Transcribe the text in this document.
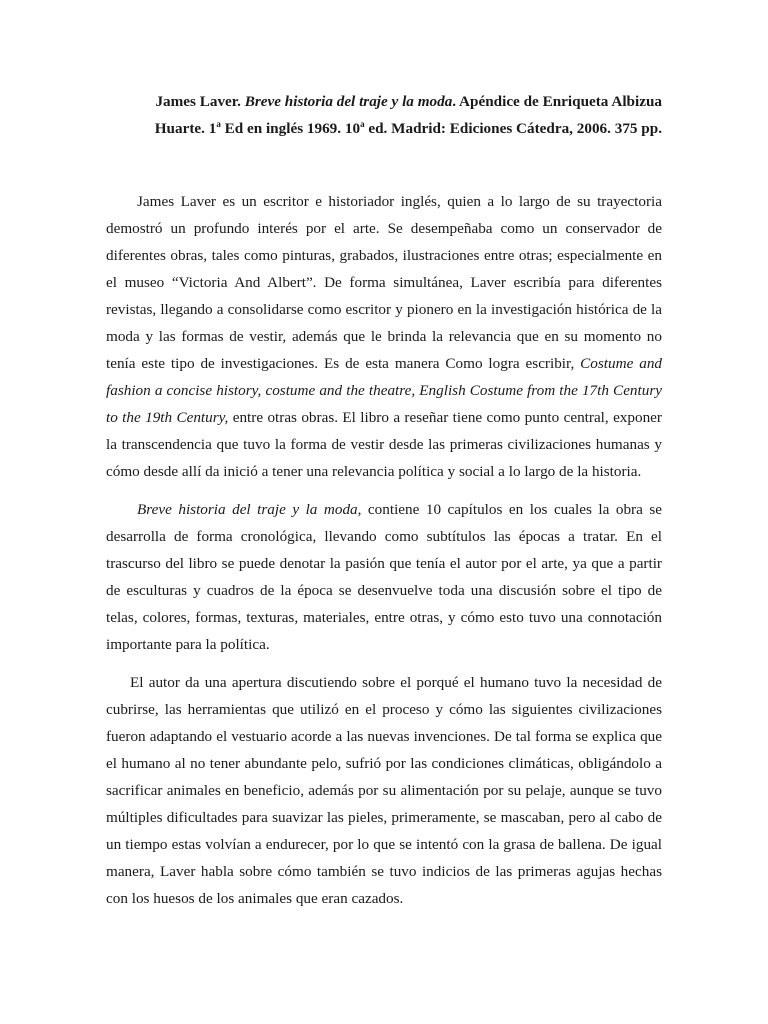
James Laver. Breve historia del traje y la moda. Apéndice de Enriqueta Albizua
Huarte. 1$^a$ Ed en inglés 1969. 10$^a$ ed. Madrid: Ediciones Cátedra, 2006. 375 pp.

James Laver es un escritor e historiador inglés, quien a lo largo de su trayectoria demostró un profundo interés por el arte. Se desempeñaba como un conservador de diferentes obras, tales como pinturas, grabados, ilustraciones entre otras; especialmente en el museo “Victoria And Albert”. De forma simultánea, Laver escribía para diferentes revistas, llegando a consolidarse como escritor y pionero en la investigación histórica de la moda y las formas de vestir, además que le brinda la relevancia que en su momento no tenía este tipo de investigaciones. Es de esta manera Como logra escribir, Costume and fashion a concise history, costume and the theatre, English Costume from the 17th Century to the 19th Century, entre otras obras. El libro a reseñar tiene como punto central, exponer la transcendencia que tuvo la forma de vestir desde las primeras civilizaciones humanas y cómo desde allí da inició a tener una relevancia política y social a lo largo de la historia.

Breve historia del traje y la moda, contiene 10 capítulos en los cuales la obra se desarrolla de forma cronológica, llevando como subtítulos las épocas a tratar. En el trascurso del libro se puede denotar la pasión que tenía el autor por el arte, ya que a partir de esculturas y cuadros de la época se desenvuelve toda una discusión sobre el tipo de telas, colores, formas, texturas, materiales, entre otras, y cómo esto tuvo una connotación importante para la política.

El autor da una apertura discutiendo sobre el porqué el humano tuvo la necesidad de cubrirse, las herramientas que utilizó en el proceso y cómo las siguientes civilizaciones fueron adaptando el vestuario acorde a las nuevas invenciones. De tal forma se explica que el humano al no tener abundante pelo, sufrió por las condiciones climáticas, obligándolo a sacrificar animales en beneficio, además por su alimentación por su pelaje, aunque se tuvo múltiples dificultades para suavizar las pieles, primeramente, se mascaban, pero al cabo de un tiempo estas volvían a endurecer, por lo que se intentó con la grasa de ballena. De igual manera, Laver habla sobre cómo también se tuvo indicios de las primeras agujas hechas con los huesos de los animales que eran cazados.
